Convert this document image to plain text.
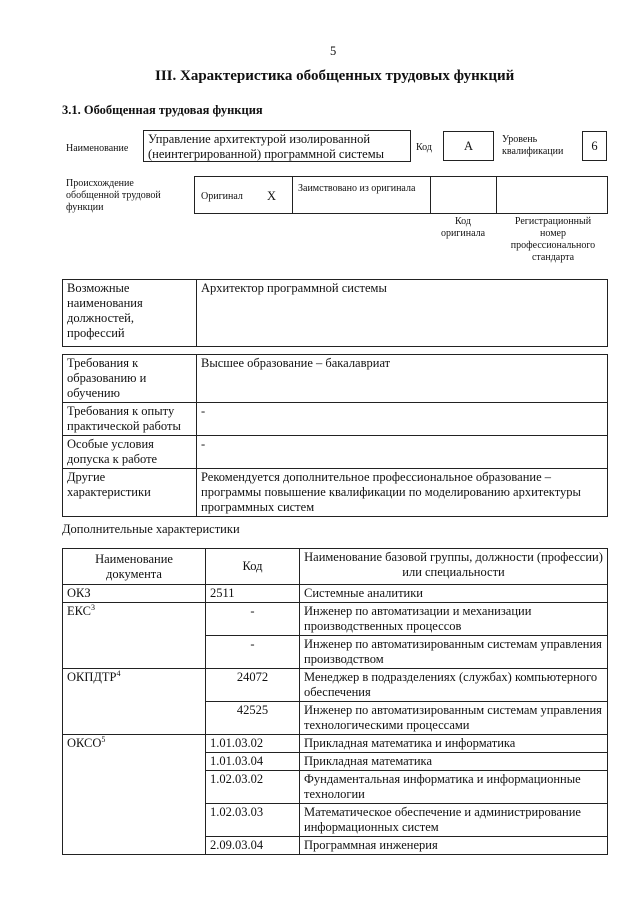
5
III. Характеристика обобщенных трудовых функций
3.1. Обобщенная трудовая функция
Наименование
Управление архитектурой изолированной (неинтегрированной) программной системы	Код	A	Уровень квалификации	6
Происхождение обобщенной трудовой функции
Оригинал X
Заимствовано из оригинала
Код оригинала
Регистрационный номер профессионального стандарта
Возможные наименования должностей, профессий	Архитектор программной системы
Требования к образованию и обучению	Высшее образование – бакалавриат
Требования к опыту практической работы	-
Особые условия допуска к работе	-
Другие характеристики	Рекомендуется дополнительное профессиональное образование – программы повышение квалификации по моделированию архитектуры программных систем
Дополнительные характеристики
Наименование документа	Код	Наименование базовой группы, должности (профессии) или специальности
ОКЗ	2511	Системные аналитики
ЕКС$^3$	-	Инженер по автоматизации и механизации производственных процессов
	-	Инженер по автоматизированным системам управления производством
ОКПДТР$^4$	24072	Менеджер в подразделениях (службах) компьютерного обеспечения
	42525	Инженер по автоматизированным системам управления технологическими процессами
ОКСО$^5$	1.01.03.02	Прикладная математика и информатика
	1.01.03.04	Прикладная математика
	1.02.03.02	Фундаментальная информатика и информационные технологии
	1.02.03.03	Математическое обеспечение и администрирование информационных систем
	2.09.03.04	Программная инженерия
